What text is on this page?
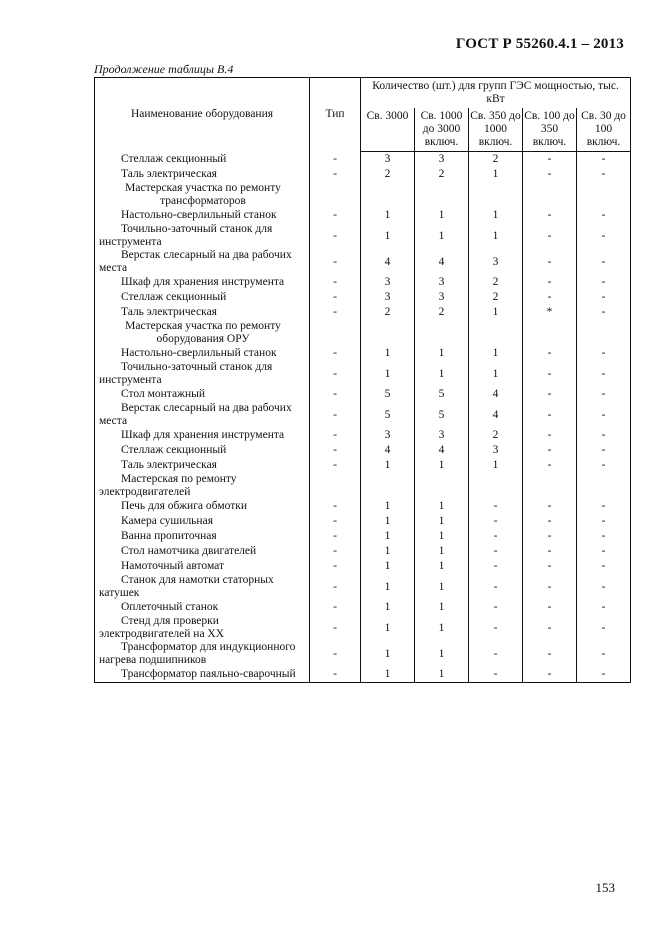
ГОСТ Р 55260.4.1 – 2013
Продолжение таблицы В.4
Наименование оборудования	Тип	Количество (шт.) для групп ГЭС мощностью, тыс. кВт				
		Св. 3000	Св. 1000 до 3000 включ.	Св. 350 до 1000 включ.	Св. 100 до 350 включ.	Св. 30 до 100 включ.
Стеллаж секционный	-	3	3	2	-	-
Таль электрическая	-	2	2	1	-	-
Мастерская участка по ремонту трансформаторов						
Настольно-сверлильный станок	-	1	1	1	-	-
Точильно-заточный станок для инструмента	-	1	1	1	-	-
Верстак слесарный на два рабочих места	-	4	4	3	-	-
Шкаф для хранения инструмента	-	3	3	2	-	-
Стеллаж секционный	-	3	3	2	-	-
Таль электрическая	-	2	2	1	*	-
Мастерская участка по ремонту оборудования ОРУ						
Настольно-сверлильный станок	-	1	1	1	-	-
Точильно-заточный станок для инструмента	-	1	1	1	-	-
Стол монтажный	-	5	5	4	-	-
Верстак слесарный на два рабочих места	-	5	5	4	-	-
Шкаф для хранения инструмента	-	3	3	2	-	-
Стеллаж секционный	-	4	4	3	-	-
Таль электрическая	-	1	1	1	-	-
Мастерская по ремонту электродвигателей						
Печь для обжига обмотки	-	1	1	-	-	-
Камера сушильная	-	1	1	-	-	-
Ванна пропиточная	-	1	1	-	-	-
Стол намотчика двигателей	-	1	1	-	-	-
Намоточный автомат	-	1	1	-	-	-
Станок для намотки статорных катушек	-	1	1	-	-	-
Оплеточный станок	-	1	1	-	-	-
Стенд для проверки электродвигателей на XX	-	1	1	-	-	-
Трансформатор для индукционного нагрева подшипников	-	1	1	-	-	-
Трансформатор паяльно-сварочный	-	1	1	-	-	-
153
